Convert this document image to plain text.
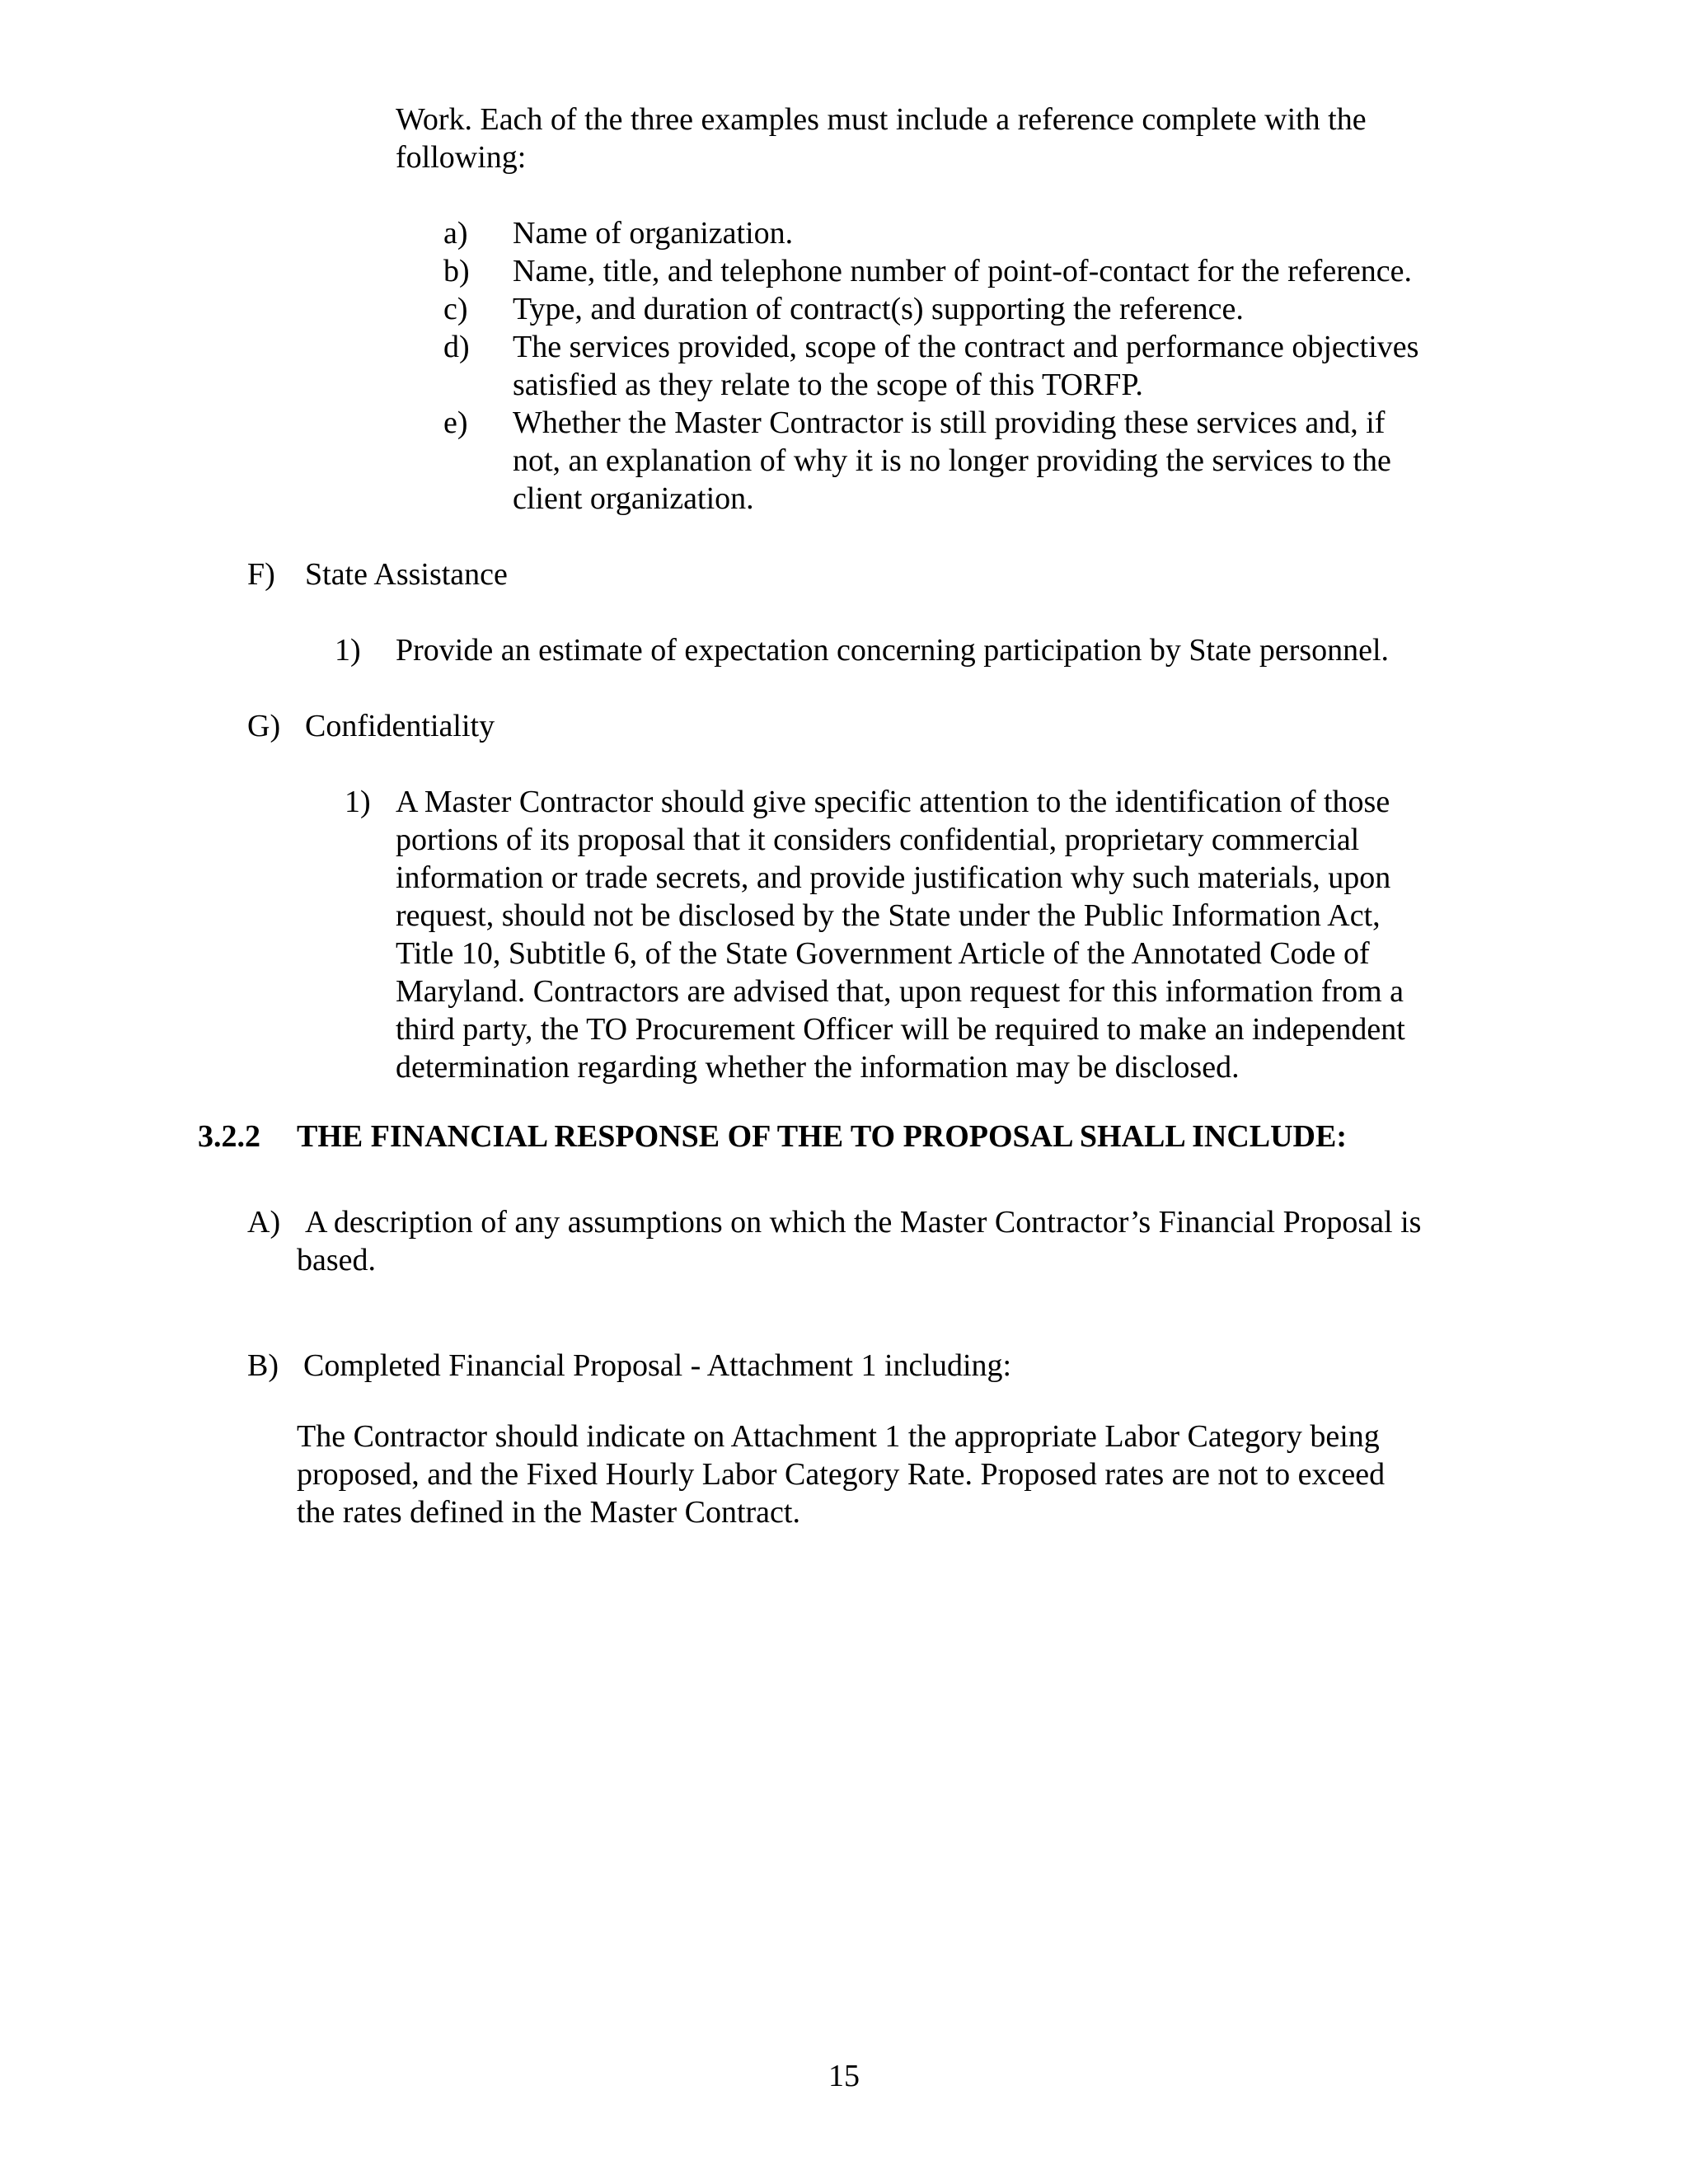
Work. Each of the three examples must include a reference complete with the
following:
a) Name of organization.
b) Name, title, and telephone number of point-of-contact for the reference.
c) Type, and duration of contract(s) supporting the reference.
d) The services provided, scope of the contract and performance objectives
satisfied as they relate to the scope of this TORFP.
e) Whether the Master Contractor is still providing these services and, if
not, an explanation of why it is no longer providing the services to the
client organization.
F) State Assistance
1) Provide an estimate of expectation concerning participation by State personnel.
G) Confidentiality
1) A Master Contractor should give specific attention to the identification of those
portions of its proposal that it considers confidential, proprietary commercial
information or trade secrets, and provide justification why such materials, upon
request, should not be disclosed by the State under the Public Information Act,
Title 10, Subtitle 6, of the State Government Article of the Annotated Code of
Maryland. Contractors are advised that, upon request for this information from a
third party, the TO Procurement Officer will be required to make an independent
determination regarding whether the information may be disclosed.
3.2.2 THE FINANCIAL RESPONSE OF THE TO PROPOSAL SHALL INCLUDE:
A) A description of any assumptions on which the Master Contractor’s Financial Proposal is
based.
B) Completed Financial Proposal - Attachment 1 including:
The Contractor should indicate on Attachment 1 the appropriate Labor Category being
proposed, and the Fixed Hourly Labor Category Rate. Proposed rates are not to exceed
the rates defined in the Master Contract.
15
